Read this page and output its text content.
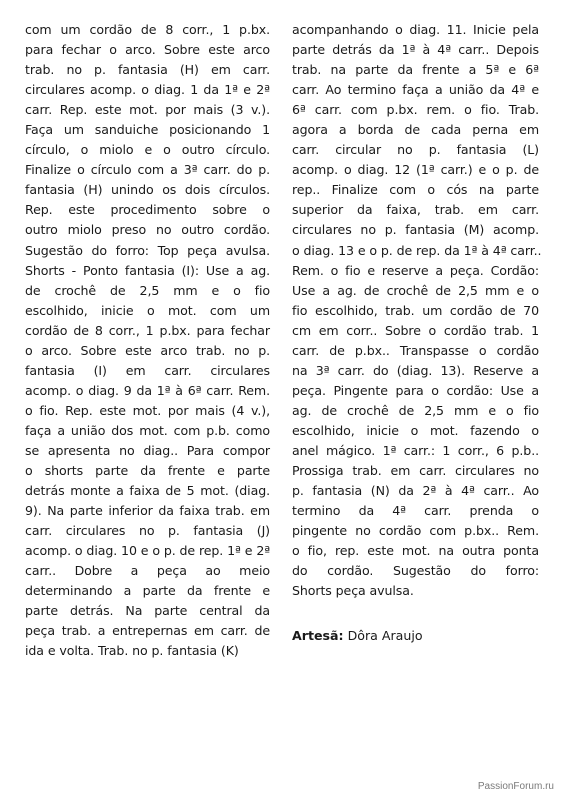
com um cordão de 8 corr., 1 p.bx.
para fechar o arco. Sobre este arco
trab. no p. fantasia (H) em carr.
circulares acomp. o diag. 1 da 1ª e 2ª
carr. Rep. este mot. por mais (3 v.).
Faça um sanduiche posicionando 1
círculo, o miolo e o outro círculo.
Finalize o círculo com a 3ª carr. do p.
fantasia (H) unindo os dois círculos.
Rep. este procedimento sobre o
outro miolo preso no outro cordão.
Sugestão do forro: Top peça avulsa.
Shorts - Ponto fantasia (I): Use a ag.
de crochê de 2,5 mm e o fio
escolhido, inicie o mot. com um
cordão de 8 corr., 1 p.bx. para fechar
o arco. Sobre este arco trab. no p.
fantasia (I) em carr. circulares
acomp. o diag. 9 da 1ª à 6ª carr. Rem.
o fio. Rep. este mot. por mais (4 v.),
faça a união dos mot. com p.b. como
se apresenta no diag.. Para compor
o shorts parte da frente e parte
detrás monte a faixa de 5 mot. (diag.
9). Na parte inferior da faixa trab. em
carr. circulares no p. fantasia (J)
acomp. o diag. 10 e o p. de rep. 1ª e 2ª
carr.. Dobre a peça ao meio
determinando a parte da frente e
parte detrás. Na parte central da
peça trab. a entrepernas em carr. de
ida e volta. Trab. no p. fantasia (K)
acompanhando o diag. 11. Inicie pela
parte detrás da 1ª à 4ª carr.. Depois
trab. na parte da frente a 5ª e 6ª
carr. Ao termino faça a união da 4ª e
6ª carr. com p.bx. rem. o fio. Trab.
agora a borda de cada perna em
carr. circular no p. fantasia (L)
acomp. o diag. 12 (1ª carr.) e o p. de
rep.. Finalize com o cós na parte
superior da faixa, trab. em carr.
circulares no p. fantasia (M) acomp.
o diag. 13 e o p. de rep. da 1ª à 4ª carr..
Rem. o fio e reserve a peça. Cordão:
Use a ag. de crochê de 2,5 mm e o
fio escolhido, trab. um cordão de 70
cm em corr.. Sobre o cordão trab. 1
carr. de p.bx.. Transpasse o cordão
na 3ª carr. do (diag. 13). Reserve a
peça. Pingente para o cordão: Use a
ag. de crochê de 2,5 mm e o fio
escolhido, inicie o mot. fazendo o
anel mágico. 1ª carr.: 1 corr., 6 p.b..
Prossiga trab. em carr. circulares no
p. fantasia (N) da 2ª à 4ª carr.. Ao
termino da 4ª carr. prenda o
pingente no cordão com p.bx.. Rem.
o fio, rep. este mot. na outra ponta
do cordão. Sugestão do forro:
Shorts peça avulsa.
Artesã: Dôra Araujo
PassionForum.ru
